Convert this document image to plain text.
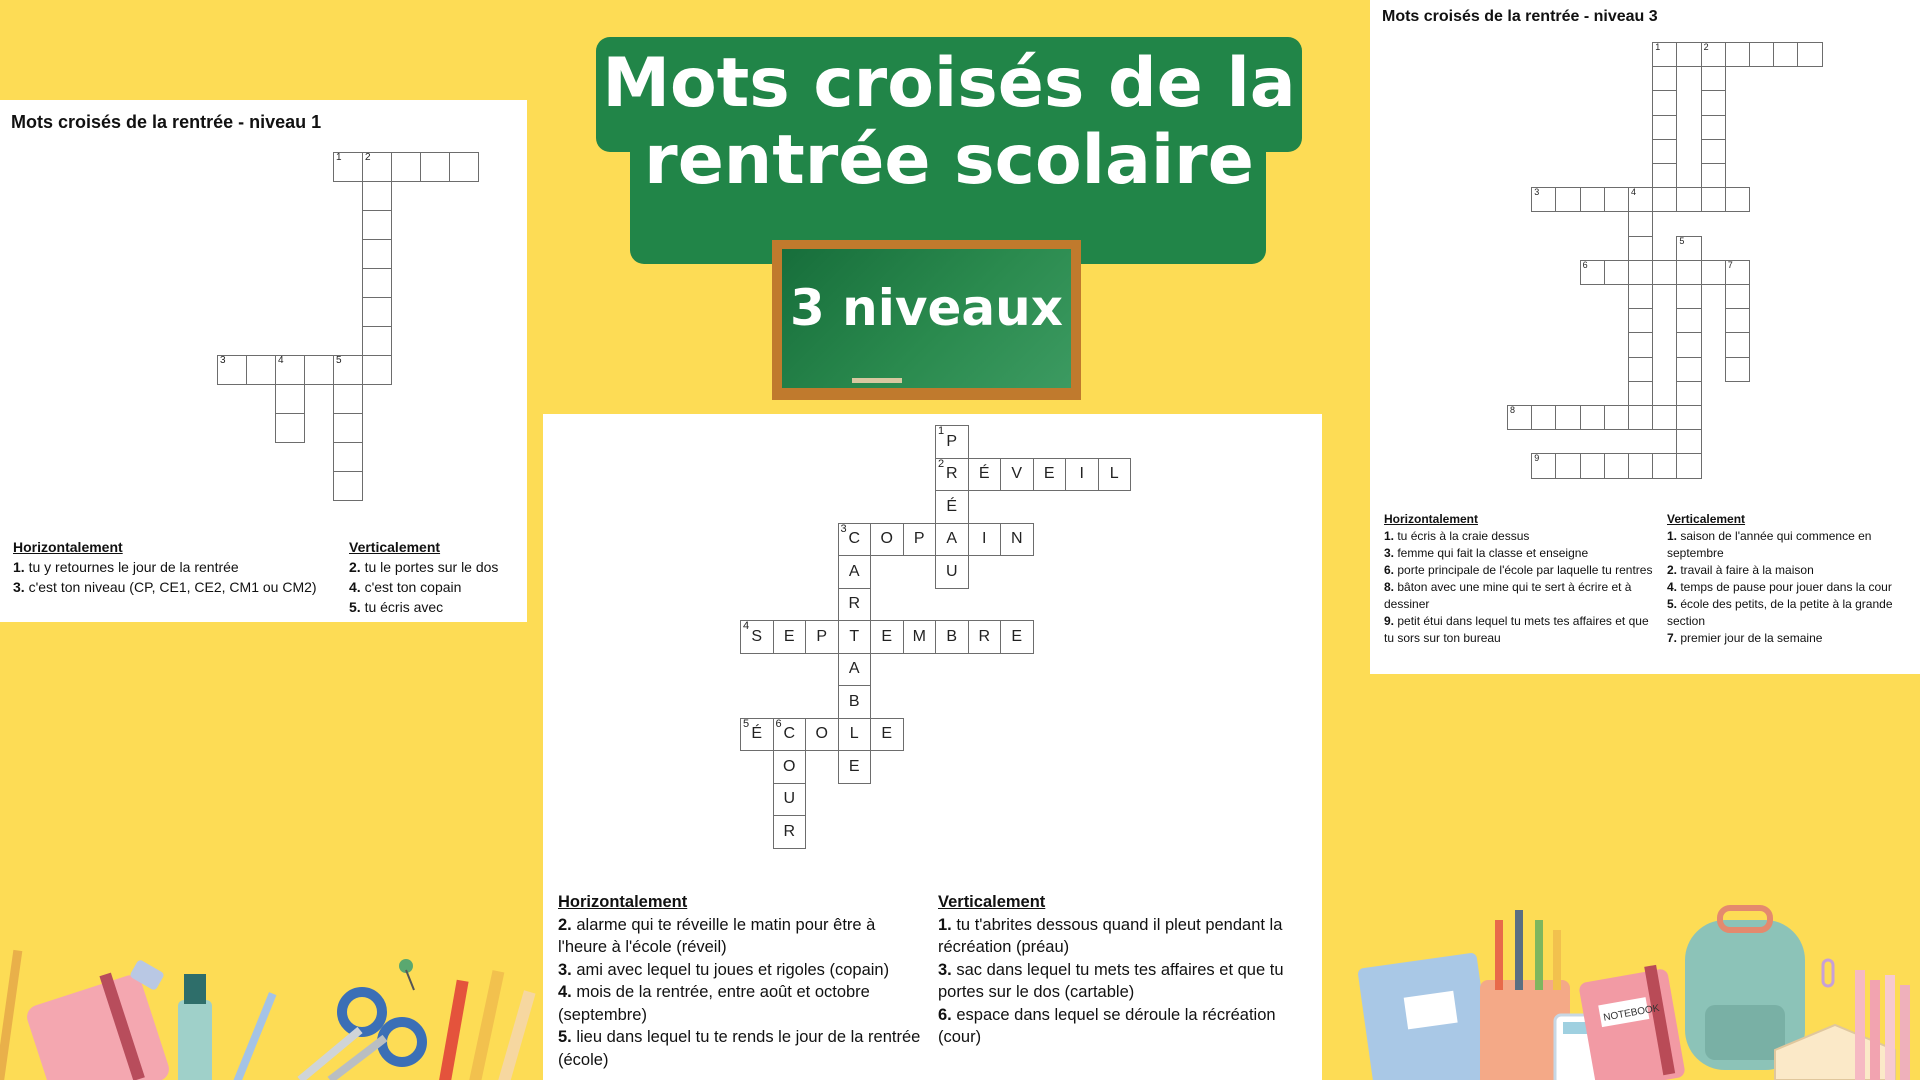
Mots croisés de la rentrée - niveau 1
1 2
3	4	5
Horizontalement
1. tu y retournes le jour de la rentrée
3. c'est ton niveau (CP, CE1, CE2, CM1 ou CM2)
Verticalement
2. tu le portes sur le dos
4. c'est ton copain
5. tu écris avec
Mots croisés de la
rentrée scolaire
3 niveaux
1
P
2
R É V E I L
É
3
C O P A I N
A	U
R
4
S E P T E M B R E
A
B
5
É
6
C O L E
O	E
U
R
Horizontalement
2. alarme qui te réveille le matin pour être à l'heure à l'école (réveil)
3. ami avec lequel tu joues et rigoles (copain)
4. mois de la rentrée, entre août et octobre (septembre)
5. lieu dans lequel tu te rends le jour de la rentrée (école)
Verticalement
1. tu t'abrites dessous quand il pleut pendant la récréation (préau)
3. sac dans lequel tu mets tes affaires et que tu portes sur le dos (cartable)
6. espace dans lequel se déroule la récréation (cour)
Mots croisés de la rentrée - niveau 3
1	2
3	4
5
6	7
8
9
Horizontalement
1. tu écris à la craie dessus
3. femme qui fait la classe et enseigne
6. porte principale de l'école par laquelle tu rentres
8. bâton avec une mine qui te sert à écrire et à dessiner
9. petit étui dans lequel tu mets tes affaires et que tu sors sur ton bureau
Verticalement
1. saison de l'année qui commence en septembre
2. travail à faire à la maison
4. temps de pause pour jouer dans la cour
5. école des petits, de la petite à la grande section
7. premier jour de la semaine
NOTEBOOK
